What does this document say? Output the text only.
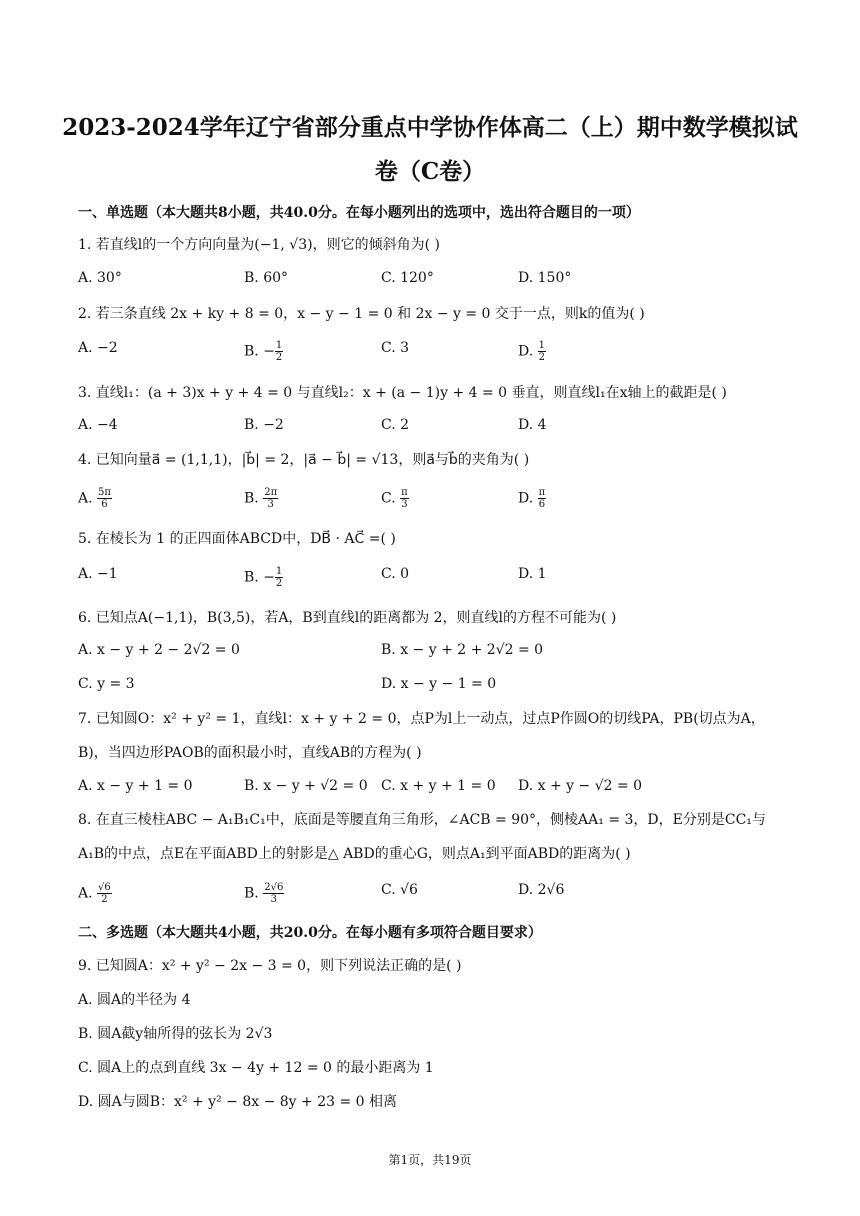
2023-2024学年辽宁省部分重点中学协作体高二（上）期中数学模拟试
卷（C卷）
一、单选题（本大题共8小题，共40.0分。在每小题列出的选项中，选出符合题目的一项）
1. 若直线l的一个方向向量为(−1, √3)，则它的倾斜角为( )
A. 30°	B. 60°	C. 120°	D. 150°
2. 若三条直线 2x + ky + 8 = 0，x − y − 1 = 0 和 2x − y = 0 交于一点，则k的值为( )
A. −2	B. − $\frac{1}{2}$	C. 3	D. $\frac{1}{2}$
3. 直线l₁：(a + 3)x + y + 4 = 0 与直线l₂：x + (a − 1)y + 4 = 0 垂直，则直线l₁在x轴上的截距是( )
A. −4	B. −2	C. 2	D. 4
4. 已知向量a⃗ = (1,1,1)，|b⃗| = 2，|a⃗ − b⃗| = √13，则a⃗与b⃗的夹角为( )
A. $\frac{5\pi}{6}$	B. $\frac{2\pi}{3}$	C. $\frac{\pi}{3}$	D. $\frac{\pi}{6}$
5. 在棱长为 1 的正四面体ABCD中，DB⃗ · AC⃗ =( )
A. −1	B. − $\frac{1}{2}$	C. 0	D. 1
6. 已知点A(−1,1)，B(3,5)，若A，B到直线l的距离都为 2，则直线l的方程不可能为( )
A. x − y + 2 − 2√2 = 0	B. x − y + 2 + 2√2 = 0
C. y = 3	D. x − y − 1 = 0
7. 已知圆O：x² + y² = 1，直线l：x + y + 2 = 0，点P为l上一动点，过点P作圆O的切线PA，PB(切点为A，B)，当四边形PAOB的面积最小时，直线AB的方程为( )
A. x − y + 1 = 0	B. x − y + √2 = 0 C. x + y + 1 = 0 D. x + y − √2 = 0
8. 在直三棱柱ABC − A₁B₁C₁中，底面是等腰直角三角形，∠ACB = 90°，侧棱AA₁ = 3，D，E分别是CC₁与A₁B的中点，点E在平面ABD上的射影是△ ABD的重心G，则点A₁到平面ABD的距离为( )
A. $\frac{√6}{2}$	B. $\frac{2√6}{3}$	C. √6	D. 2√6
二、多选题（本大题共4小题，共20.0分。在每小题有多项符合题目要求）
9. 已知圆A：x² + y² − 2x − 3 = 0，则下列说法正确的是( )
A. 圆A的半径为 4
B. 圆A截y轴所得的弦长为 2√3
C. 圆A上的点到直线 3x − 4y + 12 = 0 的最小距离为 1
D. 圆A与圆B：x² + y² − 8x − 8y + 23 = 0 相离
第1页，共19页
